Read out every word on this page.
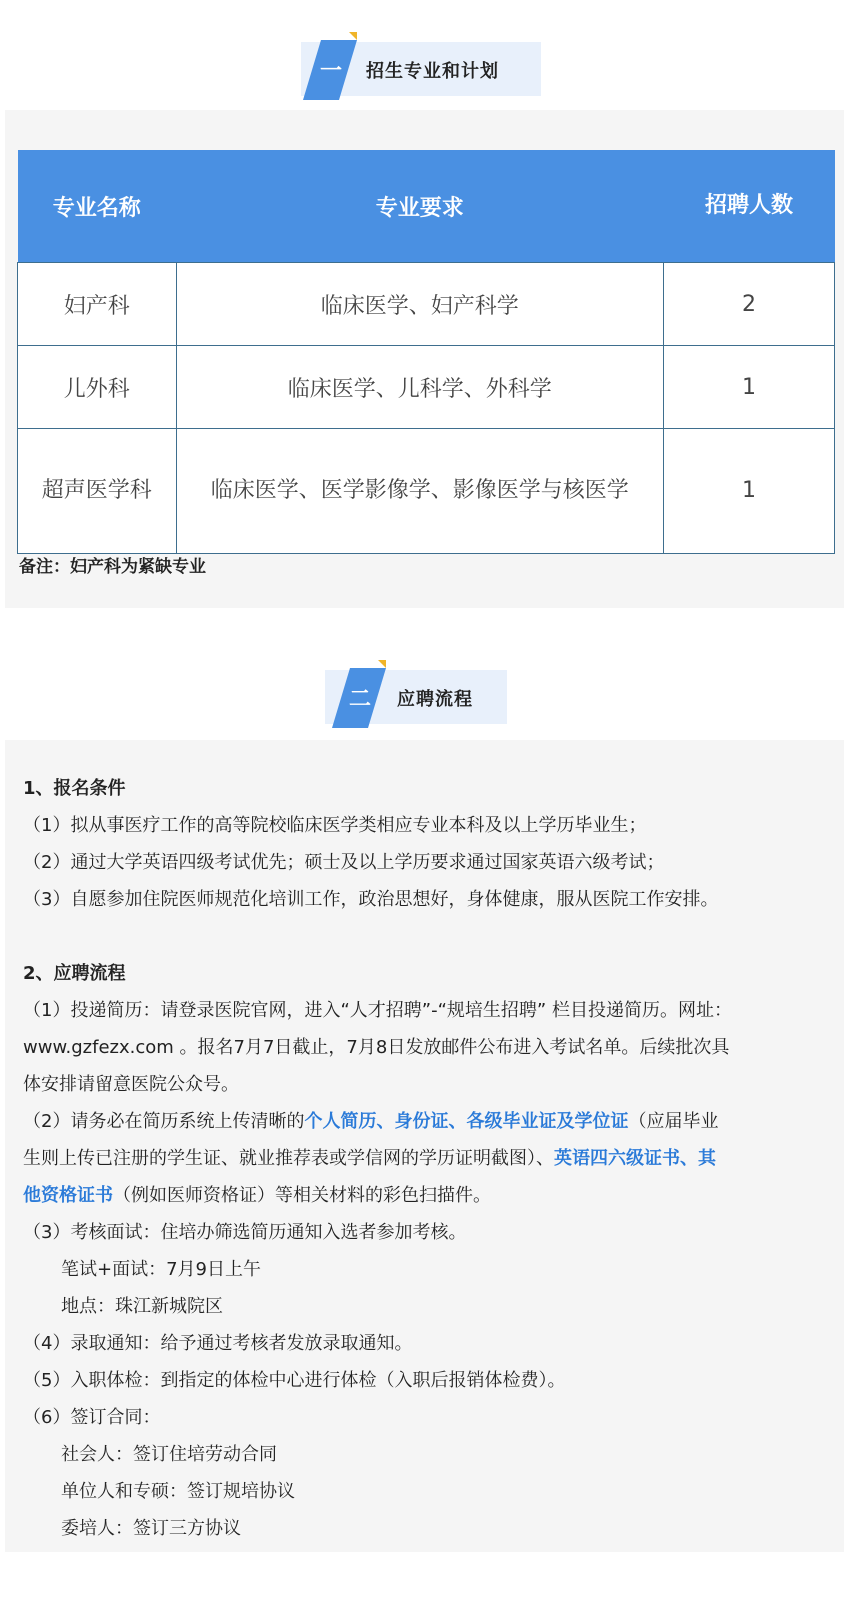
一	招生专业和计划
专业名称	专业要求	招聘人数
妇产科	临床医学、妇产科学	2
儿外科	临床医学、儿科学、外科学	1
超声医学科	临床医学、医学影像学、影像医学与核医学	1
备注：妇产科为紧缺专业
二	应聘流程
1、报名条件
（1）拟从事医疗工作的高等院校临床医学类相应专业本科及以上学历毕业生；
（2）通过大学英语四级考试优先；硕士及以上学历要求通过国家英语六级考试；
（3）自愿参加住院医师规范化培训工作，政治思想好，身体健康，服从医院工作安排。
2、应聘流程
（1）投递简历：请登录医院官网，进入“人才招聘”-“规培生招聘” 栏目投递简历。网址：
www.gzfezx.com 。报名7月7日截止，7月8日发放邮件公布进入考试名单。后续批次具
体安排请留意医院公众号。
（2）请务必在简历系统上传清晰的个人简历、身份证、各级毕业证及学位证（应届毕业
生则上传已注册的学生证、就业推荐表或学信网的学历证明截图）、英语四六级证书、其
他资格证书（例如医师资格证）等相关材料的彩色扫描件。
（3）考核面试：住培办筛选简历通知入选者参加考核。
笔试+面试：7月9日上午
地点：珠江新城院区
（4）录取通知：给予通过考核者发放录取通知。
（5）入职体检：到指定的体检中心进行体检（入职后报销体检费）。
（6）签订合同：
社会人：签订住培劳动合同
单位人和专硕：签订规培协议
委培人：签订三方协议
